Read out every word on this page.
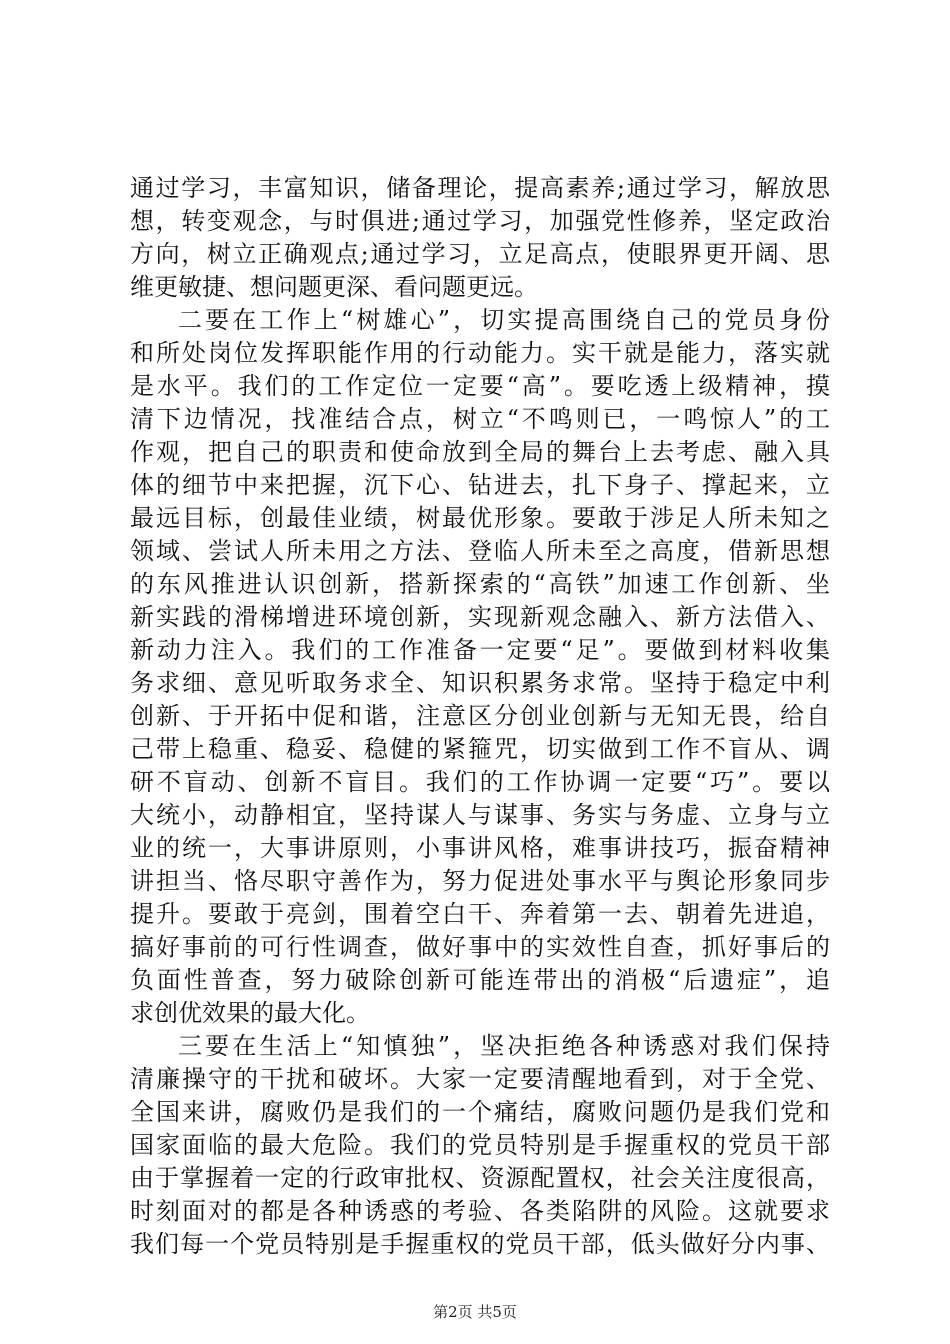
通过学习，丰富知识，储备理论，提高素养;通过学习，解放思
想，转变观念，与时俱进;通过学习，加强党性修养，坚定政治
方向，树立正确观点;通过学习，立足高点，使眼界更开阔、思
维更敏捷、想问题更深、看问题更远。
二要在工作上“树雄心”，切实提高围绕自己的党员身份
和所处岗位发挥职能作用的行动能力。实干就是能力，落实就
是水平。我们的工作定位一定要“高”。要吃透上级精神，摸
清下边情况，找准结合点，树立“不鸣则已，一鸣惊人”的工
作观，把自己的职责和使命放到全局的舞台上去考虑、融入具
体的细节中来把握，沉下心、钻进去，扎下身子、撑起来，立
最远目标，创最佳业绩，树最优形象。要敢于涉足人所未知之
领域、尝试人所未用之方法、登临人所未至之高度，借新思想
的东风推进认识创新，搭新探索的“高铁”加速工作创新、坐
新实践的滑梯增进环境创新，实现新观念融入、新方法借入、
新动力注入。我们的工作准备一定要“足”。要做到材料收集
务求细、意见听取务求全、知识积累务求常。坚持于稳定中利
创新、于开拓中促和谐，注意区分创业创新与无知无畏，给自
己带上稳重、稳妥、稳健的紧箍咒，切实做到工作不盲从、调
研不盲动、创新不盲目。我们的工作协调一定要“巧”。要以
大统小，动静相宜，坚持谋人与谋事、务实与务虚、立身与立
业的统一，大事讲原则，小事讲风格，难事讲技巧，振奋精神
讲担当、恪尽职守善作为，努力促进处事水平与舆论形象同步
提升。要敢于亮剑，围着空白干、奔着第一去、朝着先进追，
搞好事前的可行性调查，做好事中的实效性自查，抓好事后的
负面性普查，努力破除创新可能连带出的消极“后遗症”，追
求创优效果的最大化。
三要在生活上“知慎独”，坚决拒绝各种诱惑对我们保持
清廉操守的干扰和破坏。大家一定要清醒地看到，对于全党、
全国来讲，腐败仍是我们的一个痛结，腐败问题仍是我们党和
国家面临的最大危险。我们的党员特别是手握重权的党员干部
由于掌握着一定的行政审批权、资源配置权，社会关注度很高，
时刻面对的都是各种诱惑的考验、各类陷阱的风险。这就要求
我们每一个党员特别是手握重权的党员干部，低头做好分内事、
第2页 共5页
